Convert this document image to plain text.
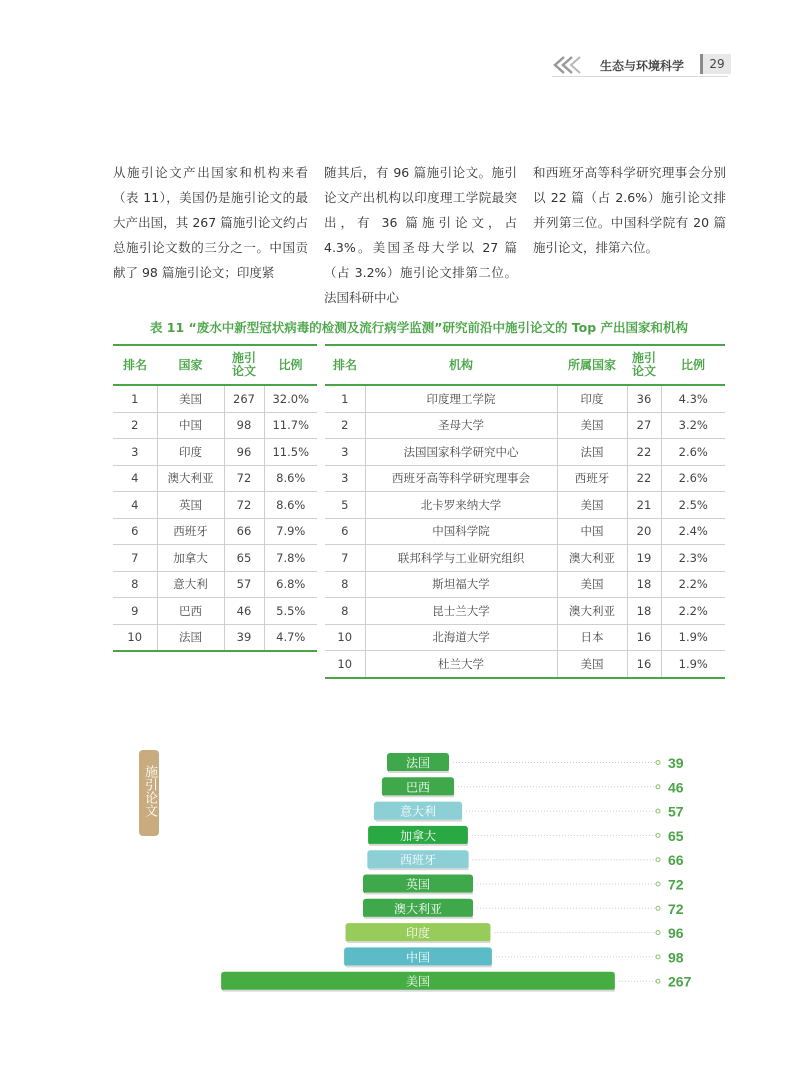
生态与环境科学	29
从施引论文产出国家和机构来看（表 11），美国仍是施引论文的最大产出国，其 267 篇施引论文约占总施引论文数的三分之一。中国贡献了 98 篇施引论文；印度紧
随其后，有 96 篇施引论文。施引论文产出机构以印度理工学院最突出，有 36 篇施引论文，占 4.3%。美国圣母大学以 27 篇（占 3.2%）施引论文排第二位。法国科研中心
和西班牙高等科学研究理事会分别以 22 篇（占 2.6%）施引论文排并列第三位。中国科学院有 20 篇施引论文，排第六位。
表 11 “废水中新型冠状病毒的检测及流行病学监测”研究前沿中施引论文的 Top 产出国家和机构
排名	国家	施引
论文	比例
1	美国	267	32.0%
2	中国	98	11.7%
3	印度	96	11.5%
4	澳大利亚	72	8.6%
4	英国	72	8.6%
6	西班牙	66	7.9%
7	加拿大	65	7.8%
8	意大利	57	6.8%
9	巴西	46	5.5%
10	法国	39	4.7%
排名	机构	所属国家	施引
论文	比例
1	印度理工学院	印度	36	4.3%
2	圣母大学	美国	27	3.2%
3	法国国家科学研究中心	法国	22	2.6%
3	西班牙高等科学研究理事会	西班牙	22	2.6%
5	北卡罗来纳大学	美国	21	2.5%
6	中国科学院	中国	20	2.4%
7	联邦科学与工业研究组织	澳大利亚	19	2.3%
8	斯坦福大学	美国	18	2.2%
8	昆士兰大学	澳大利亚	18	2.2%
10	北海道大学	日本	16	1.9%
10	杜兰大学	美国	16	1.9%
施引论文
法国	39
巴西	46
意大利	57
加拿大	65
西班牙	66
英国	72
澳大利亚	72
印度	96
中国	98
美国	267
